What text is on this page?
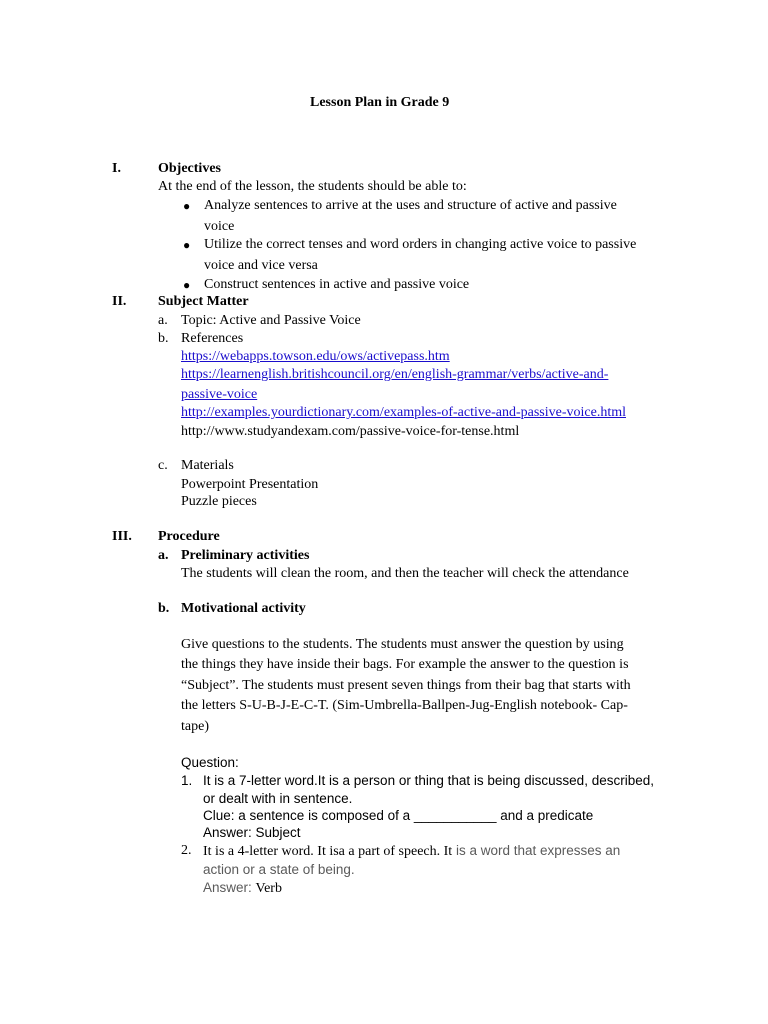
Lesson Plan in Grade 9
I.	Objectives
At the end of the lesson, the students should be able to:
● Analyze sentences to arrive at the uses and structure of active and passive
voice
● Utilize the correct tenses and word orders in changing active voice to passive
voice and vice versa
● Construct sentences in active and passive voice
II. Subject Matter
a. Topic: Active and Passive Voice
b. References
https://webapps.towson.edu/ows/activepass.htm
https://learnenglish.britishcouncil.org/en/english-grammar/verbs/active-and-
passive-voice
http://examples.yourdictionary.com/examples-of-active-and-passive-voice.html
http://www.studyandexam.com/passive-voice-for-tense.html
c. Materials
Powerpoint Presentation
Puzzle pieces
III. Procedure
a. Preliminary activities
The students will clean the room, and then the teacher will check the attendance
b. Motivational activity
Give questions to the students. The students must answer the question by using
the things they have inside their bags. For example the answer to the question is
“Subject”. The students must present seven things from their bag that starts with
the letters S-U-B-J-E-C-T. (Sim-Umbrella-Ballpen-Jug-English notebook- Cap-
tape)
Question:
1. It is a 7-letter word.It is a person or thing that is being discussed, described,
or dealt with in sentence.
Clue: a sentence is composed of a ___________ and a predicate
Answer: Subject
2. It is a 4-letter word. It isa a part of speech. It is a word that expresses an
action or a state of being.
Answer: Verb
